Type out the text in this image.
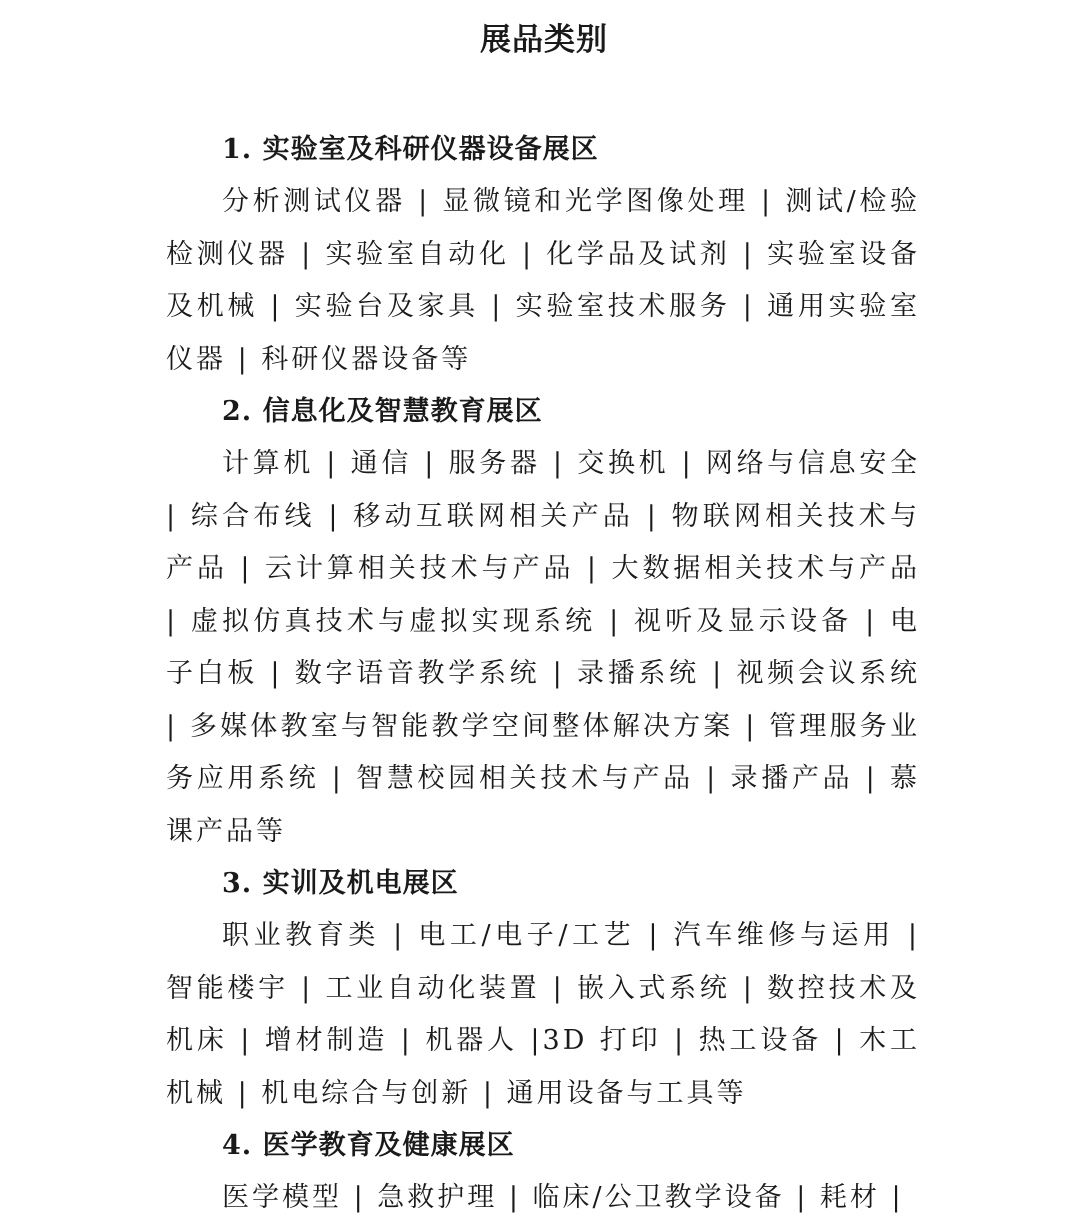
展品类别
1. 实验室及科研仪器设备展区

分析测试仪器 | 显微镜和光学图像处理 | 测试/检验检测仪器 | 实验室自动化 | 化学品及试剂 | 实验室设备及机械 | 实验台及家具 | 实验室技术服务 | 通用实验室仪器 | 科研仪器设备等

2. 信息化及智慧教育展区

计算机 | 通信 | 服务器 | 交换机 | 网络与信息安全 | 综合布线 | 移动互联网相关产品 | 物联网相关技术与产品 | 云计算相关技术与产品 | 大数据相关技术与产品 | 虚拟仿真技术与虚拟实现系统 | 视听及显示设备 | 电子白板 | 数字语音教学系统 | 录播系统 | 视频会议系统 | 多媒体教室与智能教学空间整体解决方案 | 管理服务业务应用系统 | 智慧校园相关技术与产品 | 录播产品 | 慕课产品等

3. 实训及机电展区

职业教育类 | 电工/电子/工艺 | 汽车维修与运用 | 智能楼宇 | 工业自动化装置 | 嵌入式系统 | 数控技术及机床 | 增材制造 | 机器人 |3D 打印 | 热工设备 | 木工机械 | 机电综合与创新 | 通用设备与工具等

4. 医学教育及健康展区

医学模型 | 急救护理 | 临床/公卫教学设备 | 耗材 |
